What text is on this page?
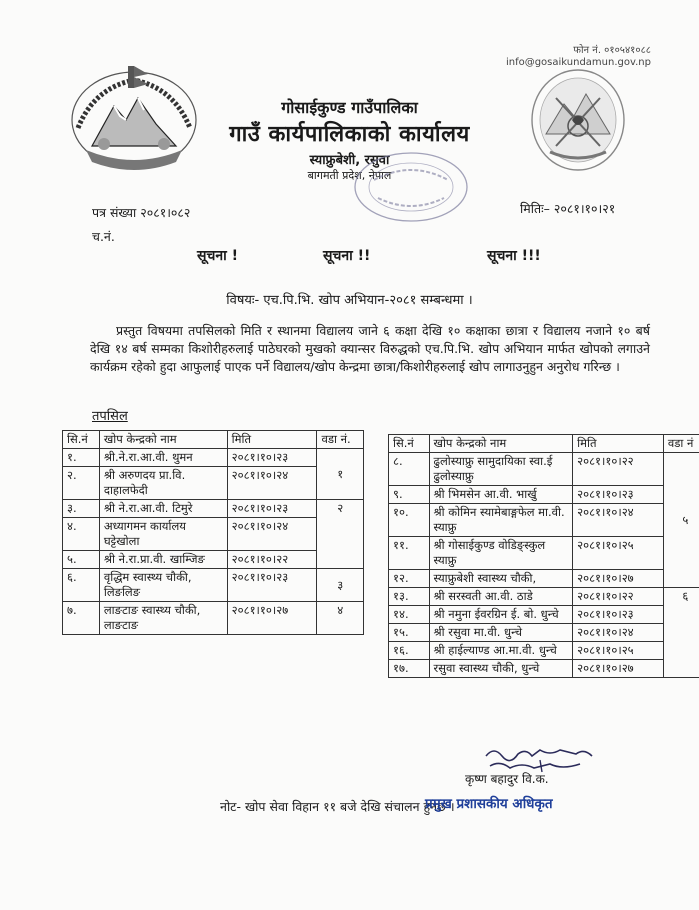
फोन नं. ०१०५४१०८८
info@gosaikundamun.gov.np
गोसाईकुण्ड गाउँपालिका
गाउँ कार्यपालिकाको कार्यालय
स्याफ्रुबेशी, रसुवा
बागमती प्रदेश, नेपाल
पत्र संख्या २०८१।०८२
च.नं.
मितिः– २०८१।१०।२१
सूचना !	सूचना !!	सूचना !!!
विषयः- एच.पि.भि. खोप अभियान-२०८१ सम्बन्धमा ।
प्रस्तुत विषयमा तपसिलको मिति र स्थानमा विद्यालय जाने ६ कक्षा देखि १० कक्षाका छात्रा र विद्यालय नजाने १० बर्ष देखि १४ बर्ष सम्मका किशोरीहरुलाई पाठेघरको मुखको क्यान्सर विरुद्धको एच.पि.भि. खोप अभियान मार्फत खोपको लगाउने कार्यक्रम रहेको हुदा आफुलाई पाएक पर्ने विद्यालय/खोप केन्द्रमा छात्रा/किशोरीहरुलाई खोप लागाउनुहुन अनुरोध गरिन्छ ।
तपसिल
सि.नं	खोप केन्द्रको नाम	मिति	वडा नं.
१.	श्री.ने.रा.आ.वी. थुमन	२०८१।१०।२३	१
२.	श्री अरुणदय प्रा.वि. दाहालफेदी	२०८१।१०।२४	
३.	श्री ने.रा.आ.वी. टिमुरे	२०८१।१०।२३	२
४.	अध्यागमन कार्यालय घट्टेखोला	२०८१।१०।२४	
५.	श्री ने.रा.प्रा.वी. खाम्जिङ	२०८१।१०।२२	
६.	वृद्धिम स्वास्थ्य चौकी, लिङलिङ	२०८१।१०।२३	३
७.	लाङटाङ स्वास्थ्य चौकी, लाङटाङ	२०८१।१०।२७	४
सि.नं	खोप केन्द्रको नाम	मिति	वडा नं
८.	ढुलोस्याफ्रु सामुदायिका स्वा.ई ढुलोस्याफ्रु	२०८१।१०।२२	५
९.	श्री भिमसेन आ.वी. भार्खु	२०८१।१०।२३	
१०.	श्री कोमिन स्यामेबाङ्गफेल मा.वी. स्याफ्रु	२०८१।१०।२४	
११.	श्री गोसाईकुण्ड वोडिङ्स्कुल स्याफ्रु	२०८१।१०।२५	
१२.	स्याफ्रुबेशी स्वास्थ्य चौकी,	२०८१।१०।२७	
१३.	श्री सरस्वती आ.वी. ठाडे	२०८१।१०।२२	६
१४.	श्री नमुना ईवरग्रिन ई. बो. धुन्चे	२०८१।१०।२३	
१५.	श्री रसुवा मा.वी. धुन्चे	२०८१।१०।२४	
१६.	श्री हाईल्याण्ड आ.मा.वी. धुन्चे	२०८१।१०।२५	
१७.	रसुवा स्वास्थ्य चौकी, धुन्चे	२०८१।१०।२७	
कृष्ण बहादुर वि.क.
नोट- खोप सेवा विहान ११ बजे देखि संचालन हुनेछ ।
प्रमुख प्रशासकीय अधिकृत
